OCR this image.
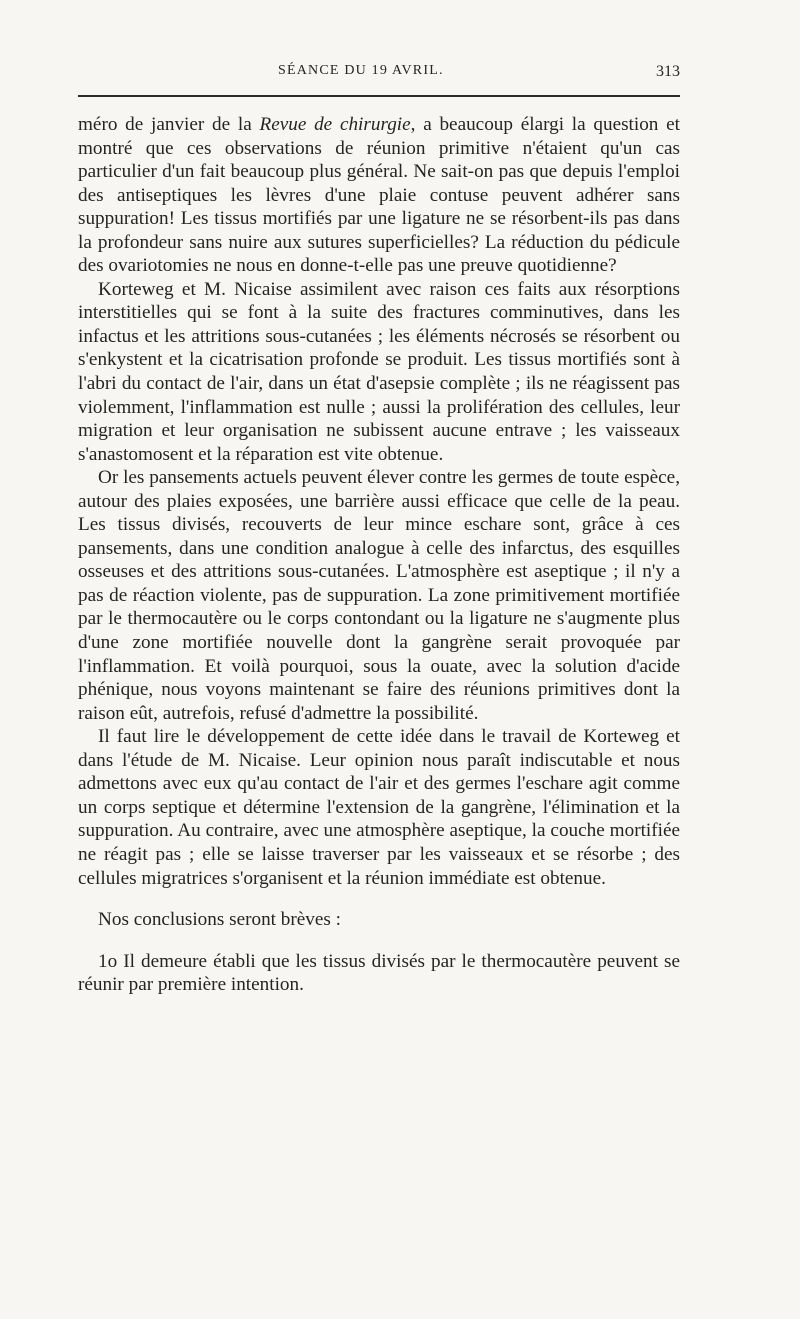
SÉANCE DU 19 AVRIL.	313

méro de janvier de la Revue de chirurgie, a beaucoup élargi la question et montré que ces observations de réunion primitive n'étaient qu'un cas particulier d'un fait beaucoup plus général. Ne sait-on pas que depuis l'emploi des antiseptiques les lèvres d'une plaie contuse peuvent adhérer sans suppuration! Les tissus mortifiés par une ligature ne se résorbent-ils pas dans la profondeur sans nuire aux sutures superficielles? La réduction du pédicule des ovariotomies ne nous en donne-t-elle pas une preuve quotidienne?

Korteweg et M. Nicaise assimilent avec raison ces faits aux résorptions interstitielles qui se font à la suite des fractures comminutives, dans les infactus et les attritions sous-cutanées ; les éléments nécrosés se résorbent ou s'enkystent et la cicatrisation profonde se produit. Les tissus mortifiés sont à l'abri du contact de l'air, dans un état d'asepsie complète ; ils ne réagissent pas violemment, l'inflammation est nulle ; aussi la prolifération des cellules, leur migration et leur organisation ne subissent aucune entrave ; les vaisseaux s'anastomosent et la réparation est vite obtenue.

Or les pansements actuels peuvent élever contre les germes de toute espèce, autour des plaies exposées, une barrière aussi efficace que celle de la peau. Les tissus divisés, recouverts de leur mince eschare sont, grâce à ces pansements, dans une condition analogue à celle des infarctus, des esquilles osseuses et des attritions sous-cutanées. L'atmosphère est aseptique ; il n'y a pas de réaction violente, pas de suppuration. La zone primitivement mortifiée par le thermocautère ou le corps contondant ou la ligature ne s'augmente plus d'une zone mortifiée nouvelle dont la gangrène serait provoquée par l'inflammation. Et voilà pourquoi, sous la ouate, avec la solution d'acide phénique, nous voyons maintenant se faire des réunions primitives dont la raison eût, autrefois, refusé d'admettre la possibilité.

Il faut lire le développement de cette idée dans le travail de Korteweg et dans l'étude de M. Nicaise. Leur opinion nous paraît indiscutable et nous admettons avec eux qu'au contact de l'air et des germes l'eschare agit comme un corps septique et détermine l'extension de la gangrène, l'élimination et la suppuration. Au contraire, avec une atmosphère aseptique, la couche mortifiée ne réagit pas ; elle se laisse traverser par les vaisseaux et se résorbe ; des cellules migratrices s'organisent et la réunion immédiate est obtenue.

Nos conclusions seront brèves :

1o Il demeure établi que les tissus divisés par le thermocautère peuvent se réunir par première intention.
